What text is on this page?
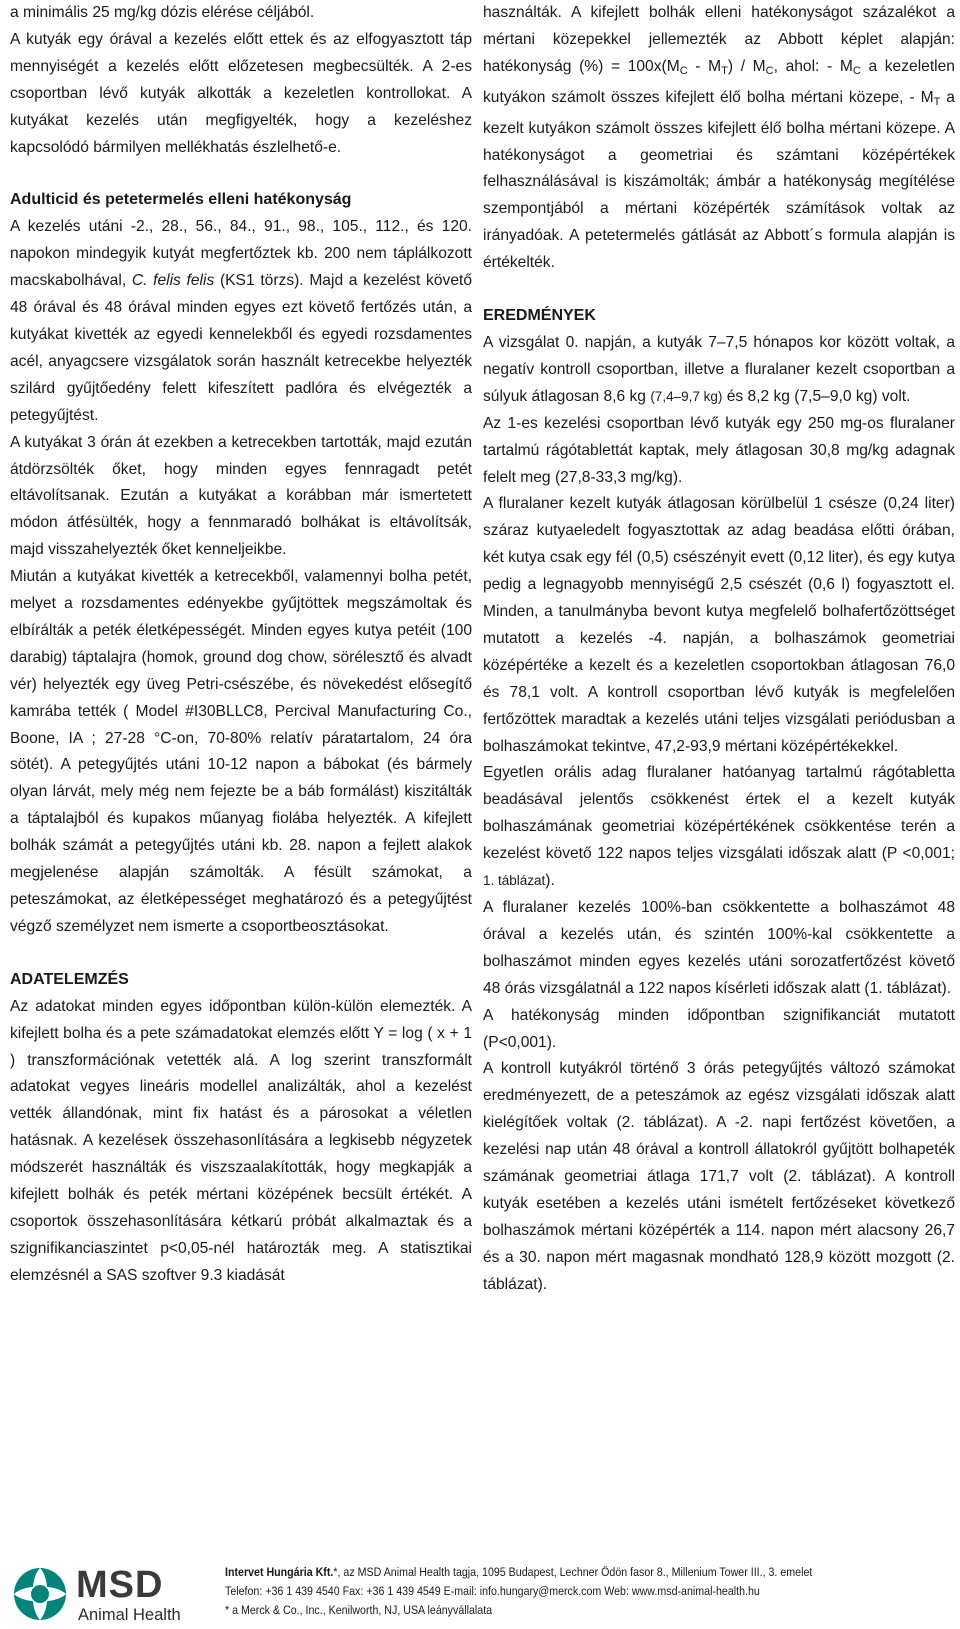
a minimális 25 mg/kg dózis elérése céljából.

A kutyák egy órával a kezelés előtt ettek és az elfogyasztott táp mennyiségét a kezelés előtt előzetesen megbecsülték. A 2-es csoportban lévő kutyák alkották a kezeletlen kontrollokat. A kutyákat kezelés után megfigyelték, hogy a kezeléshez kapcsolódó bármilyen mellékhatás észlelhető-e.

Adulticid és petetermelés elleni hatékonyság

A kezelés utáni -2., 28., 56., 84., 91., 98., 105., 112., és 120. napokon mindegyik kutyát megfertőztek kb. 200 nem táplálkozott macskabolhával, C. felis felis (KS1 törzs). Majd a kezelést követő 48 órával és 48 órával minden egyes ezt követő fertőzés után, a kutyákat kivették az egyedi kennelekből és egyedi rozsdamentes acél, anyagcsere vizsgálatok során használt ketrecekbe helyezték szilárd gyűjtőedény felett kifeszített padlóra és elvégezték a petegyűjtést.

A kutyákat 3 órán át ezekben a ketrecekben tartották, majd ezután átdörzsölték őket, hogy minden egyes fennragadt petét eltávolítsanak. Ezután a kutyákat a korábban már ismertetett módon átfésülték, hogy a fennmaradó bolhákat is eltávolítsák, majd visszahelyezték őket kenneljeikbe.

Miután a kutyákat kivették a ketrecekből, valamennyi bolha petét, melyet a rozsdamentes edényekbe gyűjtöttek megszámoltak és elbírálták a peték életképességét. Minden egyes kutya petéit (100 darabig) táptalajra (homok, ground dog chow, sörélesztő és alvadt vér) helyezték egy üveg Petri-csészébe, és növekedést elősegítő kamrába tették ( Model #I30BLLC8, Percival Manufacturing Co., Boone, IA ; 27-28 °C-on, 70-80% relatív páratartalom, 24 óra sötét). A petegyűjtés utáni 10-12 napon a bábokat (és bármely olyan lárvát, mely még nem fejezte be a báb formálást) kiszitálták a táptalajból és kupakos műanyag fiolába helyezték. A kifejlett bolhák számát a petegyűjtés utáni kb. 28. napon a fejlett alakok megjelenése alapján számolták. A fésült számokat, a peteszámokat, az életképességet meghatározó és a petegyűjtést végző személyzet nem ismerte a csoportbeosztásokat.

ADATELEMZÉS

Az adatokat minden egyes időpontban külön-külön elemezték. A kifejlett bolha és a pete számadatokat elemzés előtt Y = log ( x + 1 ) transzformációnak vetették alá. A log szerint transzformált adatokat vegyes lineáris modellel analizálták, ahol a kezelést vették állandónak, mint fix hatást és a párosokat a véletlen hatásnak. A kezelések összehasonlítására a legkisebb négyzetek módszerét használták és viszszaalakították, hogy megkapják a kifejlett bolhák és peték mértani középének becsült értékét. A csoportok összehasonlítására kétkarú próbát alkalmaztak és a szignifikanciaszintet p<0,05-nél határozták meg. A statisztikai elemzésnél a SAS szoftver 9.3 kiadását

használták. A kifejlett bolhák elleni hatékonyságot százalékot a mértani közepekkel jellemezték az Abbott képlet alapján: hatékonyság (%) = $100x(M_C - M_T) / M_C$, ahol: - $M_C$ a kezeletlen kutyákon számolt összes kifejlett élő bolha mértani közepe, - $M_T$ a kezelt kutyákon számolt összes kifejlett élő bolha mértani közepe. A hatékonyságot a geometriai és számtani középértékek felhasználásával is kiszámolták; ámbár a hatékonyság megítélése szempontjából a mértani középérték számítások voltak az irányadóak. A petetermelés gátlását az Abbott´s formula alapján is értékelték.

EREDMÉNYEK

A vizsgálat 0. napján, a kutyák 7–7,5 hónapos kor között voltak, a negatív kontroll csoportban, illetve a fluralaner kezelt csoportban a súlyuk átlagosan 8,6 kg (7,4–9,7 kg) és 8,2 kg (7,5–9,0 kg) volt.

Az 1-es kezelési csoportban lévő kutyák egy 250 mg-os fluralaner tartalmú rágótablettát kaptak, mely átlagosan 30,8 mg/kg adagnak felelt meg (27,8-33,3 mg/kg).

A fluralaner kezelt kutyák átlagosan körülbelül 1 csésze (0,24 liter) száraz kutyaeledelt fogyasztottak az adag beadása előtti órában, két kutya csak egy fél (0,5) csészényit evett (0,12 liter), és egy kutya pedig a legnagyobb mennyiségű 2,5 csészét (0,6 l) fogyasztott el. Minden, a tanulmányba bevont kutya megfelelő bolhafertőzöttséget mutatott a kezelés -4. napján, a bolhaszámok geometriai középértéke a kezelt és a kezeletlen csoportokban átlagosan 76,0 és 78,1 volt. A kontroll csoportban lévő kutyák is megfelelően fertőzöttek maradtak a kezelés utáni teljes vizsgálati periódusban a bolhaszámokat tekintve, 47,2-93,9 mértani középértékekkel.

Egyetlen orális adag fluralaner hatóanyag tartalmú rágótabletta beadásával jelentős csökkenést értek el a kezelt kutyák bolhaszámának geometriai középértékének csökkentése terén a kezelést követő 122 napos teljes vizsgálati időszak alatt (P <0,001; 1. táblázat).

A fluralaner kezelés 100%-ban csökkentette a bolhaszámot 48 órával a kezelés után, és szintén 100%-kal csökkentette a bolhaszámot minden egyes kezelés utáni sorozatfertőzést követő 48 órás vizsgálatnál a 122 napos kísérleti időszak alatt (1. táblázat).

A hatékonyság minden időpontban szignifikanciát mutatott (P<0,001).

A kontroll kutyákról történő 3 órás petegyűjtés változó számokat eredményezett, de a peteszámok az egész vizsgálati időszak alatt kielégítőek voltak (2. táblázat). A -2. napi fertőzést követően, a kezelési nap után 48 órával a kontroll állatokról gyűjtött bolhapeték számának geometriai átlaga 171,7 volt (2. táblázat). A kontroll kutyák esetében a kezelés utáni ismételt fertőzéseket következő bolhaszámok mértani középérték a 114. napon mért alacsony 26,7 és a 30. napon mért magasnak mondható 128,9 között mozgott (2. táblázat).

MSD
Animal Health
Intervet Hungária Kft.*, az MSD Animal Health tagja, 1095 Budapest, Lechner Ödön fasor 8., Millenium Tower III., 3. emelet
Telefon: +36 1 439 4540 Fax: +36 1 439 4549 E-mail: info.hungary@merck.com Web: www.msd-animal-health.hu
* a Merck & Co., Inc., Kenilworth, NJ, USA leányvállalata
